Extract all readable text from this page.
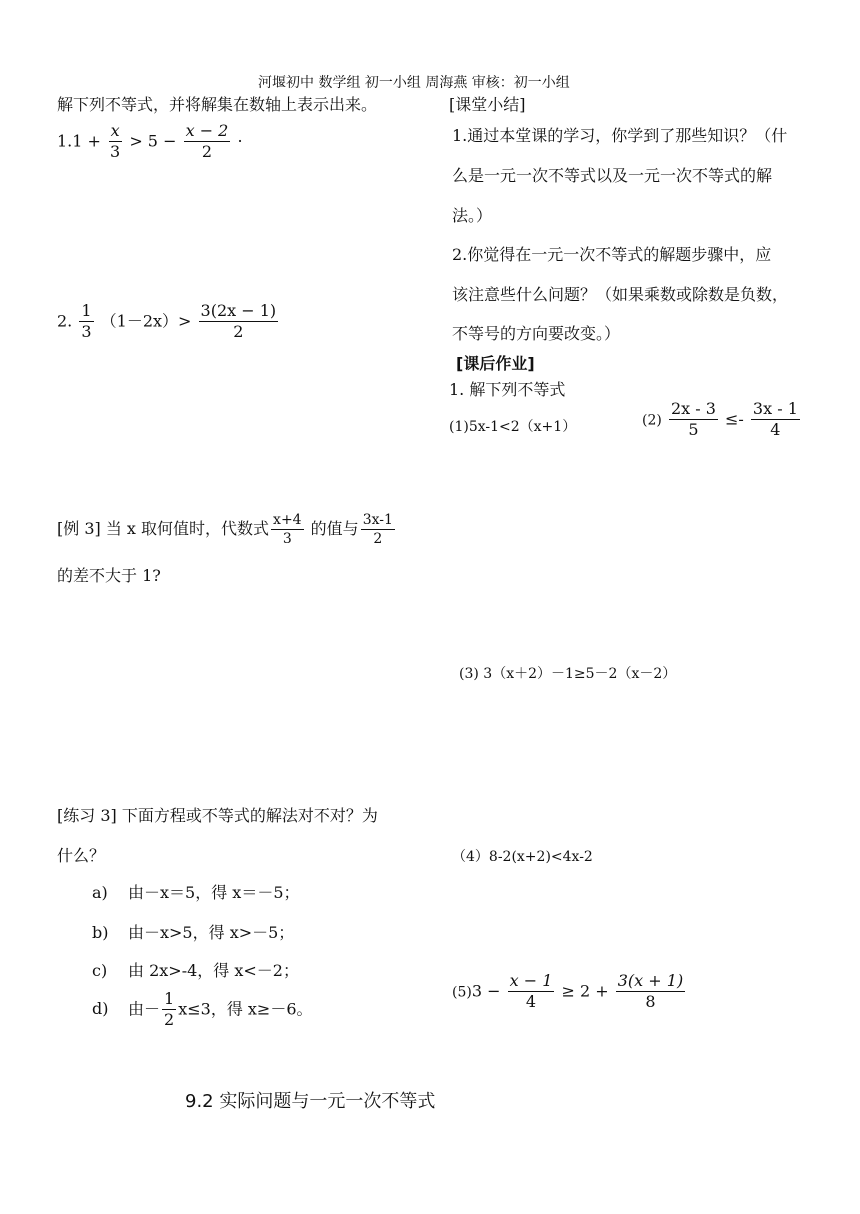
河堰初中 数学组 初一小组 周海燕 审核：初一小组
解下列不等式，并将解集在数轴上表示出来。
$1.1 + \frac{x}{3} > 5 - \frac{x - 2}{2}$ ·
2. $\frac{1}{3} (1-2x)> \frac{3(2x - 1)}{2}$
[例 3] 当 x 取何值时，代数式 $\frac{x+4}{3}$ 的值与 $\frac{3x-1}{2}$
的差不大于 1?
[练习 3] 下面方程或不等式的解法对不对？为
什么？
a) 由－x＝5，得 x＝－5；
b) 由－x>5，得 x>－5；
c) 由 2x>-4，得 x<－2；
d) 由－ $\frac{1}{2} x\le 3$，得 x≥－6。
[课堂小结]
1.通过本堂课的学习，你学到了那些知识？（什
么是一元一次不等式以及一元一次不等式的解
法。）
2.你觉得在一元一次不等式的解题步骤中，应
该注意些什么问题？（如果乘数或除数是负数，
不等号的方向要改变。）
[课后作业]
1. 解下列不等式
(1)5x-1<2（x+1）	$(2) \frac{2x - 3}{5} \le- \frac{3x - 1}{4}$
(3) 3（x＋2）－1≥5－2（x－2）
（4）8-2(x+2)<4x-2
$(5)3 - \frac{x - 1}{4} \ge 2 + \frac{3(x + 1)}{8}$
9.2 实际问题与一元一次不等式
